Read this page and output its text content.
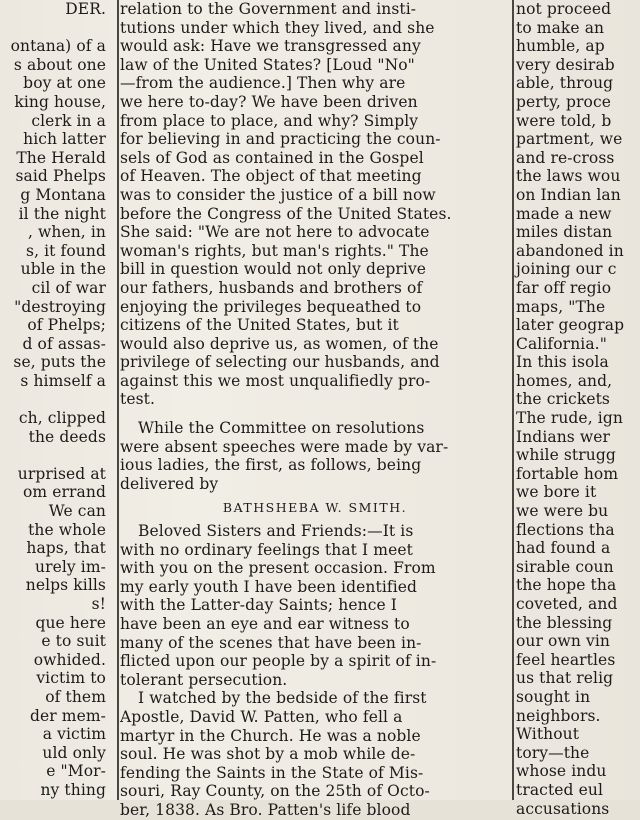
DER.

ontana) of a
s about one
boy at one
king house,
clerk in a
hich latter
The Herald
said Phelps
g Montana
il the night
, when, in
s, it found
uble in the
cil of war
"destroying
of Phelps;
d of assas-
se, puts the
s himself a

ch, clipped
the deeds

urprised at
om errand
We can
the whole
haps, that
urely im-
nelps kills
s!
que here
e to suit
owhided.
victim to
of them
der mem-
a victim
uld only
e "Mor-
ny thing
relation to the Government and insti-
tutions under which they lived, and she
would ask: Have we transgressed any
law of the United States? [Loud "No"
—from the audience.] Then why are
we here to-day? We have been driven
from place to place, and why? Simply
for believing in and practicing the coun-
sels of God as contained in the Gospel
of Heaven. The object of that meeting
was to consider the justice of a bill now
before the Congress of the United States.
She said: "We are not here to advocate
woman's rights, but man's rights." The
bill in question would not only deprive
our fathers, husbands and brothers of
enjoying the privileges bequeathed to
citizens of the United States, but it
would also deprive us, as women, of the
privilege of selecting our husbands, and
against this we most unqualifiedly pro-
test.
While the Committee on resolutions
were absent speeches were made by var-
ious ladies, the first, as follows, being
delivered by
BATHSHEBA W. SMITH.
Beloved Sisters and Friends:—It is
with no ordinary feelings that I meet
with you on the present occasion. From
my early youth I have been identified
with the Latter-day Saints; hence I
have been an eye and ear witness to
many of the scenes that have been in-
flicted upon our people by a spirit of in-
tolerant persecution.
I watched by the bedside of the first
Apostle, David W. Patten, who fell a
martyr in the Church. He was a noble
soul. He was shot by a mob while de-
fending the Saints in the State of Mis-
souri, Ray County, on the 25th of Octo-
ber, 1838. As Bro. Patten's life blood
not proceed
to make an
humble, ap
very desirab
able, throug
perty, proce
were told, b
partment, we
and re-cross
the laws wou
on Indian lan
made a new
miles distan
abandoned in
joining our c
far off regio
maps, "The
later geograp
California."
In this isola
homes, and,
the crickets
The rude, ign
Indians wer
while strugg
fortable hom
we bore it
we were bu
flections tha
had found a
sirable coun
the hope tha
coveted, and
the blessing
our own vin
feel heartles
us that relig
sought in
neighbors.
Without
tory—the
whose indu
tracted eul
accusations
